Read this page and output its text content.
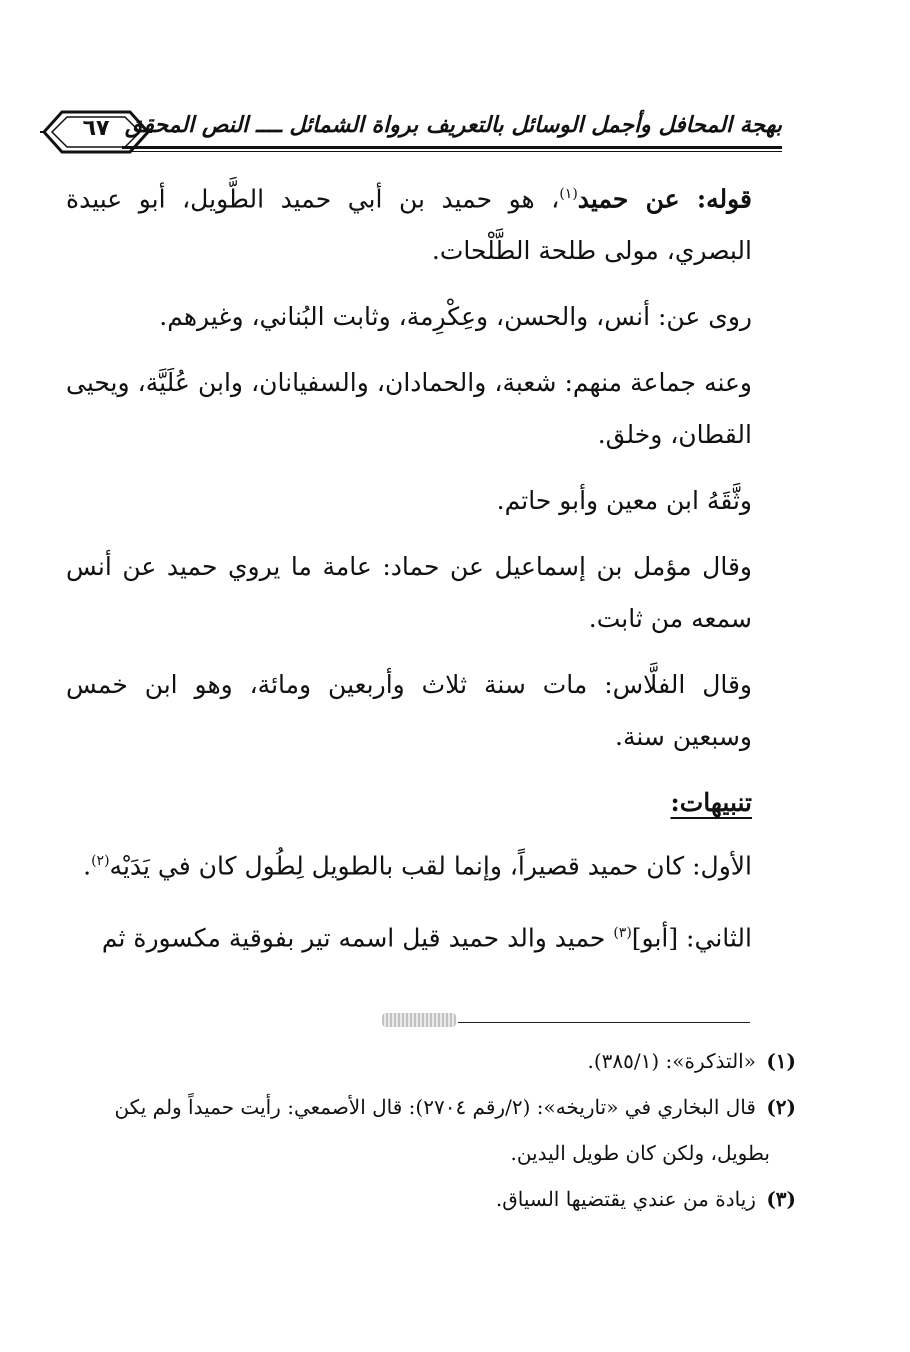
٦٧ بهجة المحافل وأجمل الوسائل بالتعريف برواة الشمائل ــــ النص المحقق

قوله: عن حميد$^{(١)}$، هو حميد بن أبي حميد الطَّويل، أبو عبيدة البصري، مولى طلحة الطَّلْحات.

روى عن: أنس، والحسن، وعِكْرِمة، وثابت البُناني، وغيرهم.

وعنه جماعة منهم: شعبة، والحمادان، والسفيانان، وابن عُلَيَّة، ويحيى القطان، وخلق.

وثَّقَهُ ابن معين وأبو حاتم.

وقال مؤمل بن إسماعيل عن حماد: عامة ما يروي حميد عن أنس سمعه من ثابت.

وقال الفلَّاس: مات سنة ثلاث وأربعين ومائة، وهو ابن خمس وسبعين سنة.

تنبيهات:

الأول: كان حميد قصيراً، وإنما لقب بالطويل لِطُول كان في يَدَيْه$^{(٢)}$.

الثاني: [أبو]$^{(٣)}$ حميد والد حميد قيل اسمه تير بفوقية مكسورة ثم

(١) «التذكرة»: (٣٨٥/١).

(٢) قال البخاري في «تاريخه»: (٢/رقم ٢٧٠٤): قال الأصمعي: رأيت حميداً ولم يكن

بطويل، ولكن كان طويل اليدين.

(٣) زيادة من عندي يقتضيها السياق.
